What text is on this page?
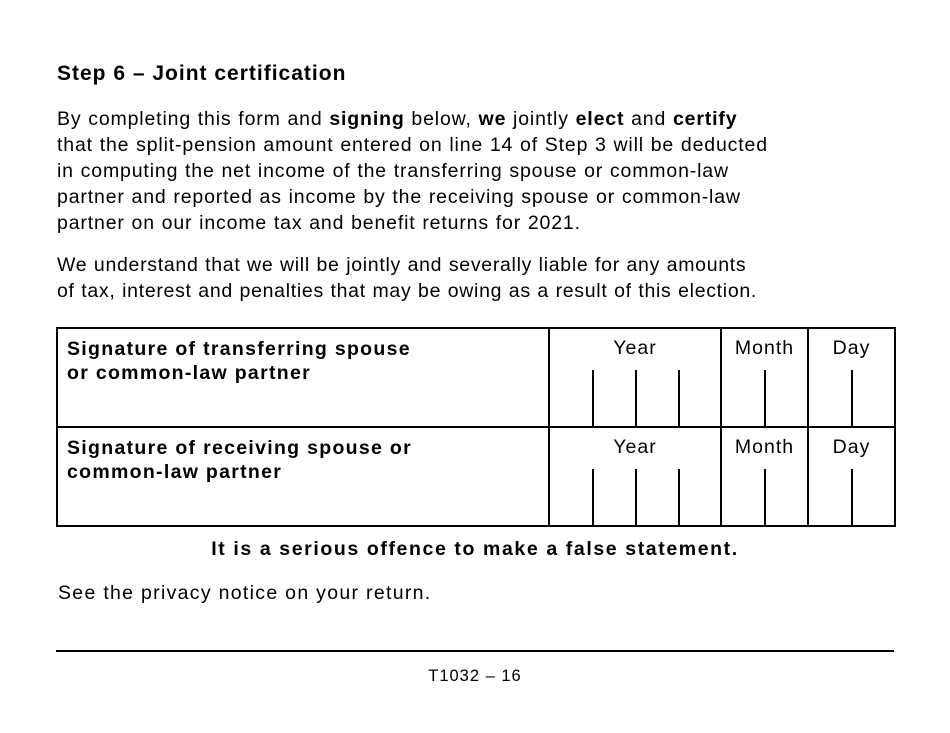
Step 6 – Joint certification

By completing this form and signing below, we jointly elect and certify
that the split-pension amount entered on line 14 of Step 3 will be deducted
in computing the net income of the transferring spouse or common-law
partner and reported as income by the receiving spouse or common-law
partner on our income tax and benefit returns for 2021.

We understand that we will be jointly and severally liable for any amounts
of tax, interest and penalties that may be owing as a result of this election.

Signature of transferring spouse
or common-law partner	Year	Month	Day

Signature of receiving spouse or
common-law partner	Year	Month	Day

It is a serious offence to make a false statement.

See the privacy notice on your return.

T1032 – 16
